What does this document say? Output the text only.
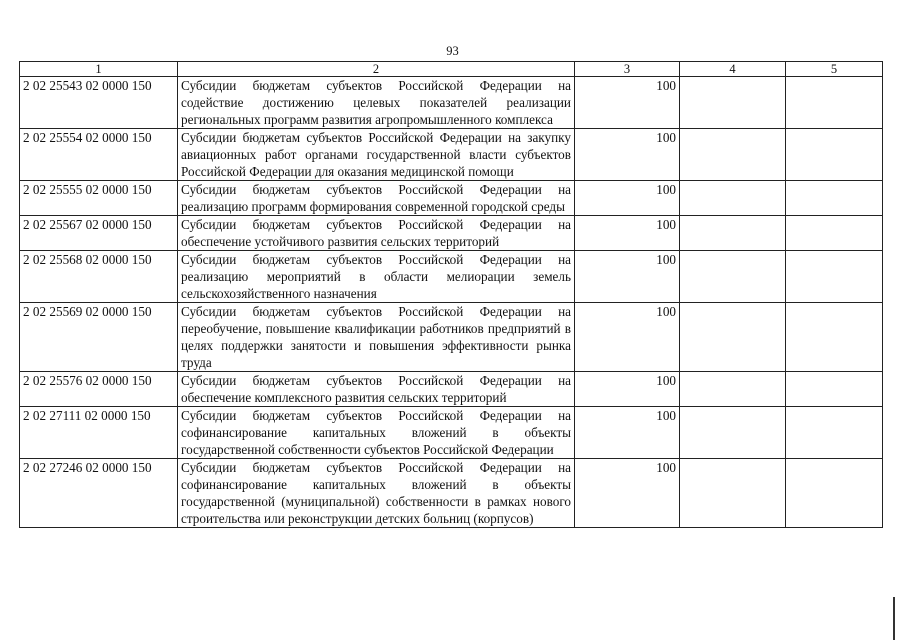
93
1	2	3	4	5
2 02 25543 02 0000 150	Субсидии бюджетам субъектов Российской Федерации на содействие достижению целевых показателей реализации региональных программ развития агропромышленного комплекса	100		
2 02 25554 02 0000 150	Субсидии бюджетам субъектов Российской Федерации на закупку авиационных работ органами государственной власти субъектов Российской Федерации для оказания медицинской помощи	100		
2 02 25555 02 0000 150	Субсидии бюджетам субъектов Российской Федерации на реализацию программ формирования современной городской среды	100		
2 02 25567 02 0000 150	Субсидии бюджетам субъектов Российской Федерации на обеспечение устойчивого развития сельских территорий	100		
2 02 25568 02 0000 150	Субсидии бюджетам субъектов Российской Федерации на реализацию мероприятий в области мелиорации земель сельскохозяйственного назначения	100		
2 02 25569 02 0000 150	Субсидии бюджетам субъектов Российской Федерации на переобучение, повышение квалификации работников предприятий в целях поддержки занятости и повышения эффективности рынка труда	100		
2 02 25576 02 0000 150	Субсидии бюджетам субъектов Российской Федерации на обеспечение комплексного развития сельских территорий	100		
2 02 27111 02 0000 150	Субсидии бюджетам субъектов Российской Федерации на софинансирование капитальных вложений в объекты государственной собственности субъектов Российской Федерации	100		
2 02 27246 02 0000 150	Субсидии бюджетам субъектов Российской Федерации на софинансирование капитальных вложений в объекты государственной (муниципальной) собственности в рамках нового строительства или реконструкции детских больниц (корпусов)	100		
